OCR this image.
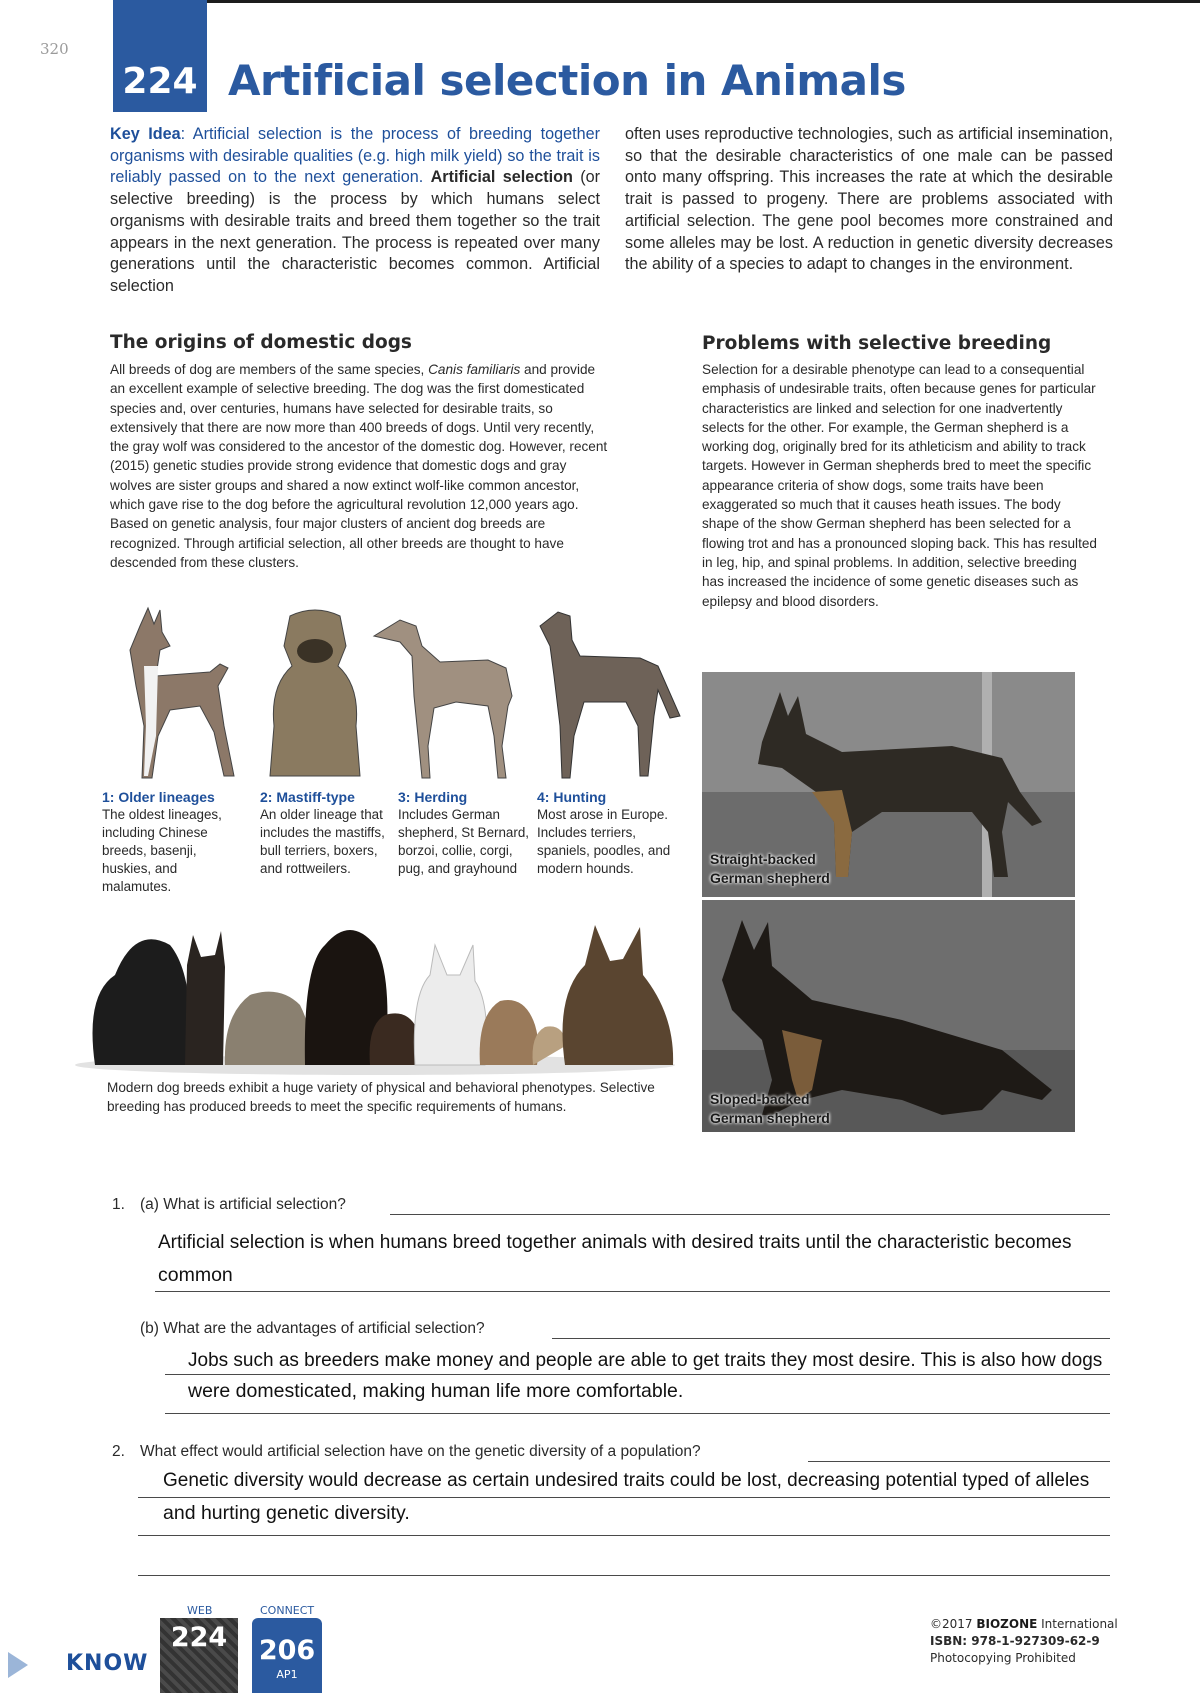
320
224 Artificial selection in Animals
Key Idea: Artificial selection is the process of breeding together organisms with desirable qualities (e.g. high milk yield) so the trait is reliably passed on to the next generation. Artificial selection (or selective breeding) is the process by which humans select organisms with desirable traits and breed them together so the trait appears in the next generation. The process is repeated over many generations until the characteristic becomes common. Artificial selection
often uses reproductive technologies, such as artificial insemination, so that the desirable characteristics of one male can be passed onto many offspring. This increases the rate at which the desirable trait is passed to progeny. There are problems associated with artificial selection. The gene pool becomes more constrained and some alleles may be lost. A reduction in genetic diversity decreases the ability of a species to adapt to changes in the environment.
The origins of domestic dogs
All breeds of dog are members of the same species, Canis familiaris and provide an excellent example of selective breeding. The dog was the first domesticated species and, over centuries, humans have selected for desirable traits, so extensively that there are now more than 400 breeds of dogs. Until very recently, the gray wolf was considered to the ancestor of the domestic dog. However, recent (2015) genetic studies provide strong evidence that domestic dogs and gray wolves are sister groups and shared a now extinct wolf-like common ancestor, which gave rise to the dog before the agricultural revolution 12,000 years ago. Based on genetic analysis, four major clusters of ancient dog breeds are recognized. Through artificial selection, all other breeds are thought to have descended from these clusters.
1: Older lineages
The oldest lineages, including Chinese breeds, basenji, huskies, and malamutes.
2: Mastiff-type
An older lineage that includes the mastiffs, bull terriers, boxers, and rottweilers.
3: Herding
Includes German shepherd, St Bernard, borzoi, collie, corgi, pug, and grayhound
4: Hunting
Most arose in Europe. Includes terriers, spaniels, poodles, and modern hounds.
Modern dog breeds exhibit a huge variety of physical and behavioral phenotypes. Selective breeding has produced breeds to meet the specific requirements of humans.
Problems with selective breeding
Selection for a desirable phenotype can lead to a consequential emphasis of undesirable traits, often because genes for particular characteristics are linked and selection for one inadvertently selects for the other. For example, the German shepherd is a working dog, originally bred for its athleticism and ability to track targets. However in German shepherds bred to meet the specific appearance criteria of show dogs, some traits have been exaggerated so much that it causes heath issues. The body shape of the show German shepherd has been selected for a flowing trot and has a pronounced sloping back. This has resulted in leg, hip, and spinal problems. In addition, selective breeding has increased the incidence of some genetic diseases such as epilepsy and blood disorders.
Straight-backed
German shepherd
Sloped-backed
German shepherd
1. (a) What is artificial selection?
Artificial selection is when humans breed together animals with desired traits until the characteristic becomes
common
(b) What are the advantages of artificial selection?
Jobs such as breeders make money and people are able to get traits they most desire. This is also how dogs
were domesticated, making human life more comfortable.
2. What effect would artificial selection have on the genetic diversity of a population?
Genetic diversity would decrease as certain undesired traits could be lost, decreasing potential typed of alleles
and hurting genetic diversity.
KNOW
WEB
224
CONNECT
206
AP1
©2017 BIOZONE International
ISBN: 978-1-927309-62-9
Photocopying Prohibited
